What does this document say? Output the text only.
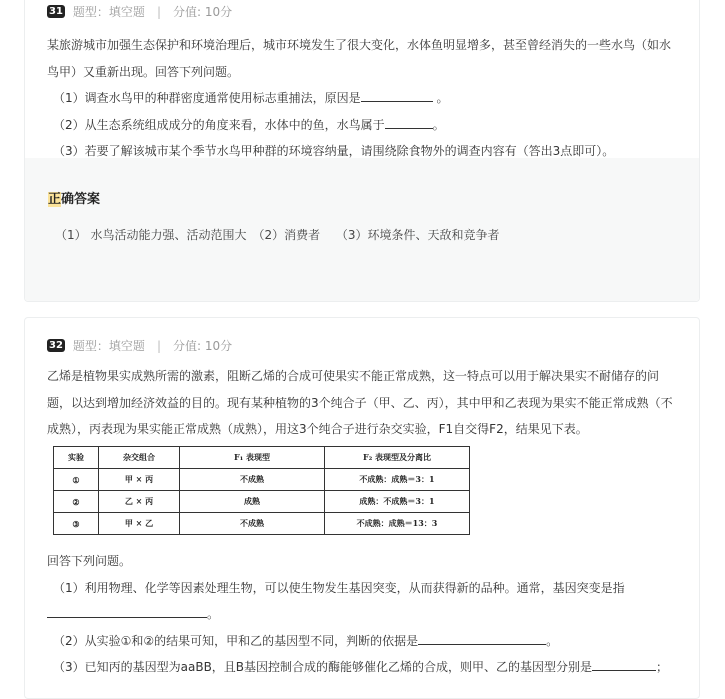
31 题型：填空题 | 分值: 10分
某旅游城市加强生态保护和环境治理后，城市环境发生了很大变化，水体鱼明显增多，甚至曾经消失的一些水鸟（如水鸟甲）又重新出现。回答下列问题。
（1）调查水鸟甲的种群密度通常使用标志重捕法，原因是	。
（2）从生态系统组成成分的角度来看，水体中的鱼，水鸟属于	。
（3）若要了解该城市某个季节水鸟甲种群的环境容纳量，请围绕除食物外的调查内容有（答出3点即可）。
正确答案
（1） 水鸟活动能力强、活动范围大　（2）消费者　 （3）环境条件、天敌和竞争者
32 题型：填空题 | 分值: 10分
乙烯是植物果实成熟所需的激素，阻断乙烯的合成可使果实不能正常成熟，这一特点可以用于解决果实不耐储存的问题，以达到增加经济效益的目的。现有某种植物的3个纯合子（甲、乙、丙），其中甲和乙表现为果实不能正常成熟（不成熟），丙表现为果实能正常成熟（成熟），用这3个纯合子进行杂交实验，F1自交得F2，结果见下表。
实验	杂交组合	F₁ 表现型	F₂ 表现型及分离比
①	甲 × 丙	不成熟	不成熟：成熟＝3：1
②	乙 × 丙	成熟	成熟：不成熟＝3：1
③	甲 × 乙	不成熟	不成熟：成熟＝13：3
回答下列问题。
（1）利用物理、化学等因素处理生物，可以使生物发生基因突变，从而获得新的品种。通常，基因突变是指
。
（2）从实验①和②的结果可知，甲和乙的基因型不同，判断的依据是	。
（3）已知丙的基因型为aaBB，且B基因控制合成的酶能够催化乙烯的合成，则甲、乙的基因型分别是	；
